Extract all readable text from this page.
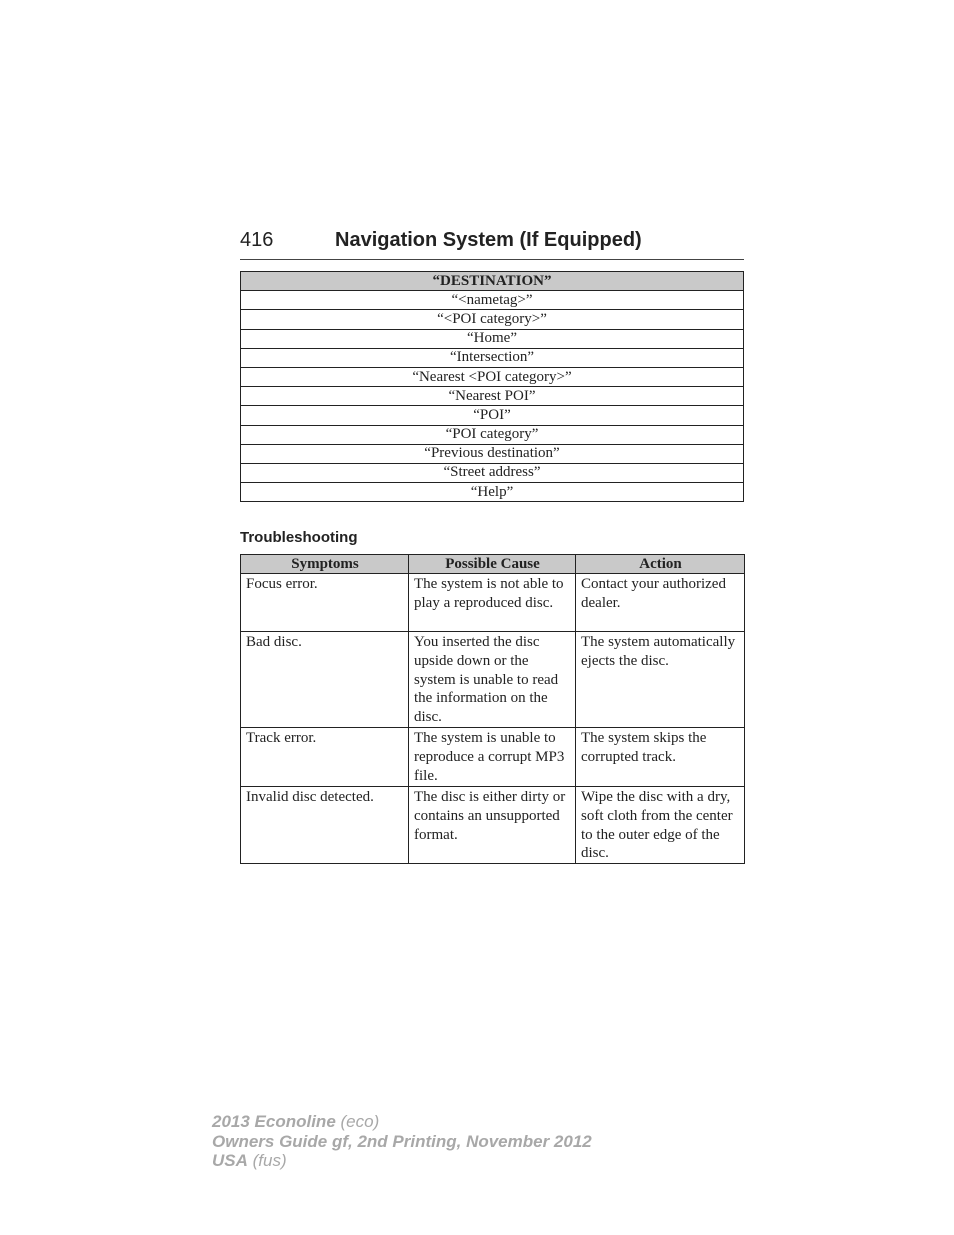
416	Navigation System (If Equipped)
“DESTINATION”
“<nametag>”
“<POI category>”
“Home”
“Intersection”
“Nearest <POI category>”
“Nearest POI”
“POI”
“POI category”
“Previous destination”
“Street address”
“Help”
Troubleshooting
Symptoms	Possible Cause	Action
Focus error.	The system is not able to play a reproduced disc.	Contact your authorized dealer.
Bad disc.	You inserted the disc upside down or the system is unable to read the information on the disc.	The system automatically ejects the disc.
Track error.	The system is unable to reproduce a corrupt MP3 file.	The system skips the corrupted track.
Invalid disc detected.	The disc is either dirty or contains an unsupported format.	Wipe the disc with a dry, soft cloth from the center to the outer edge of the disc.
2013 Econoline (eco)
Owners Guide gf, 2nd Printing, November 2012
USA (fus)
